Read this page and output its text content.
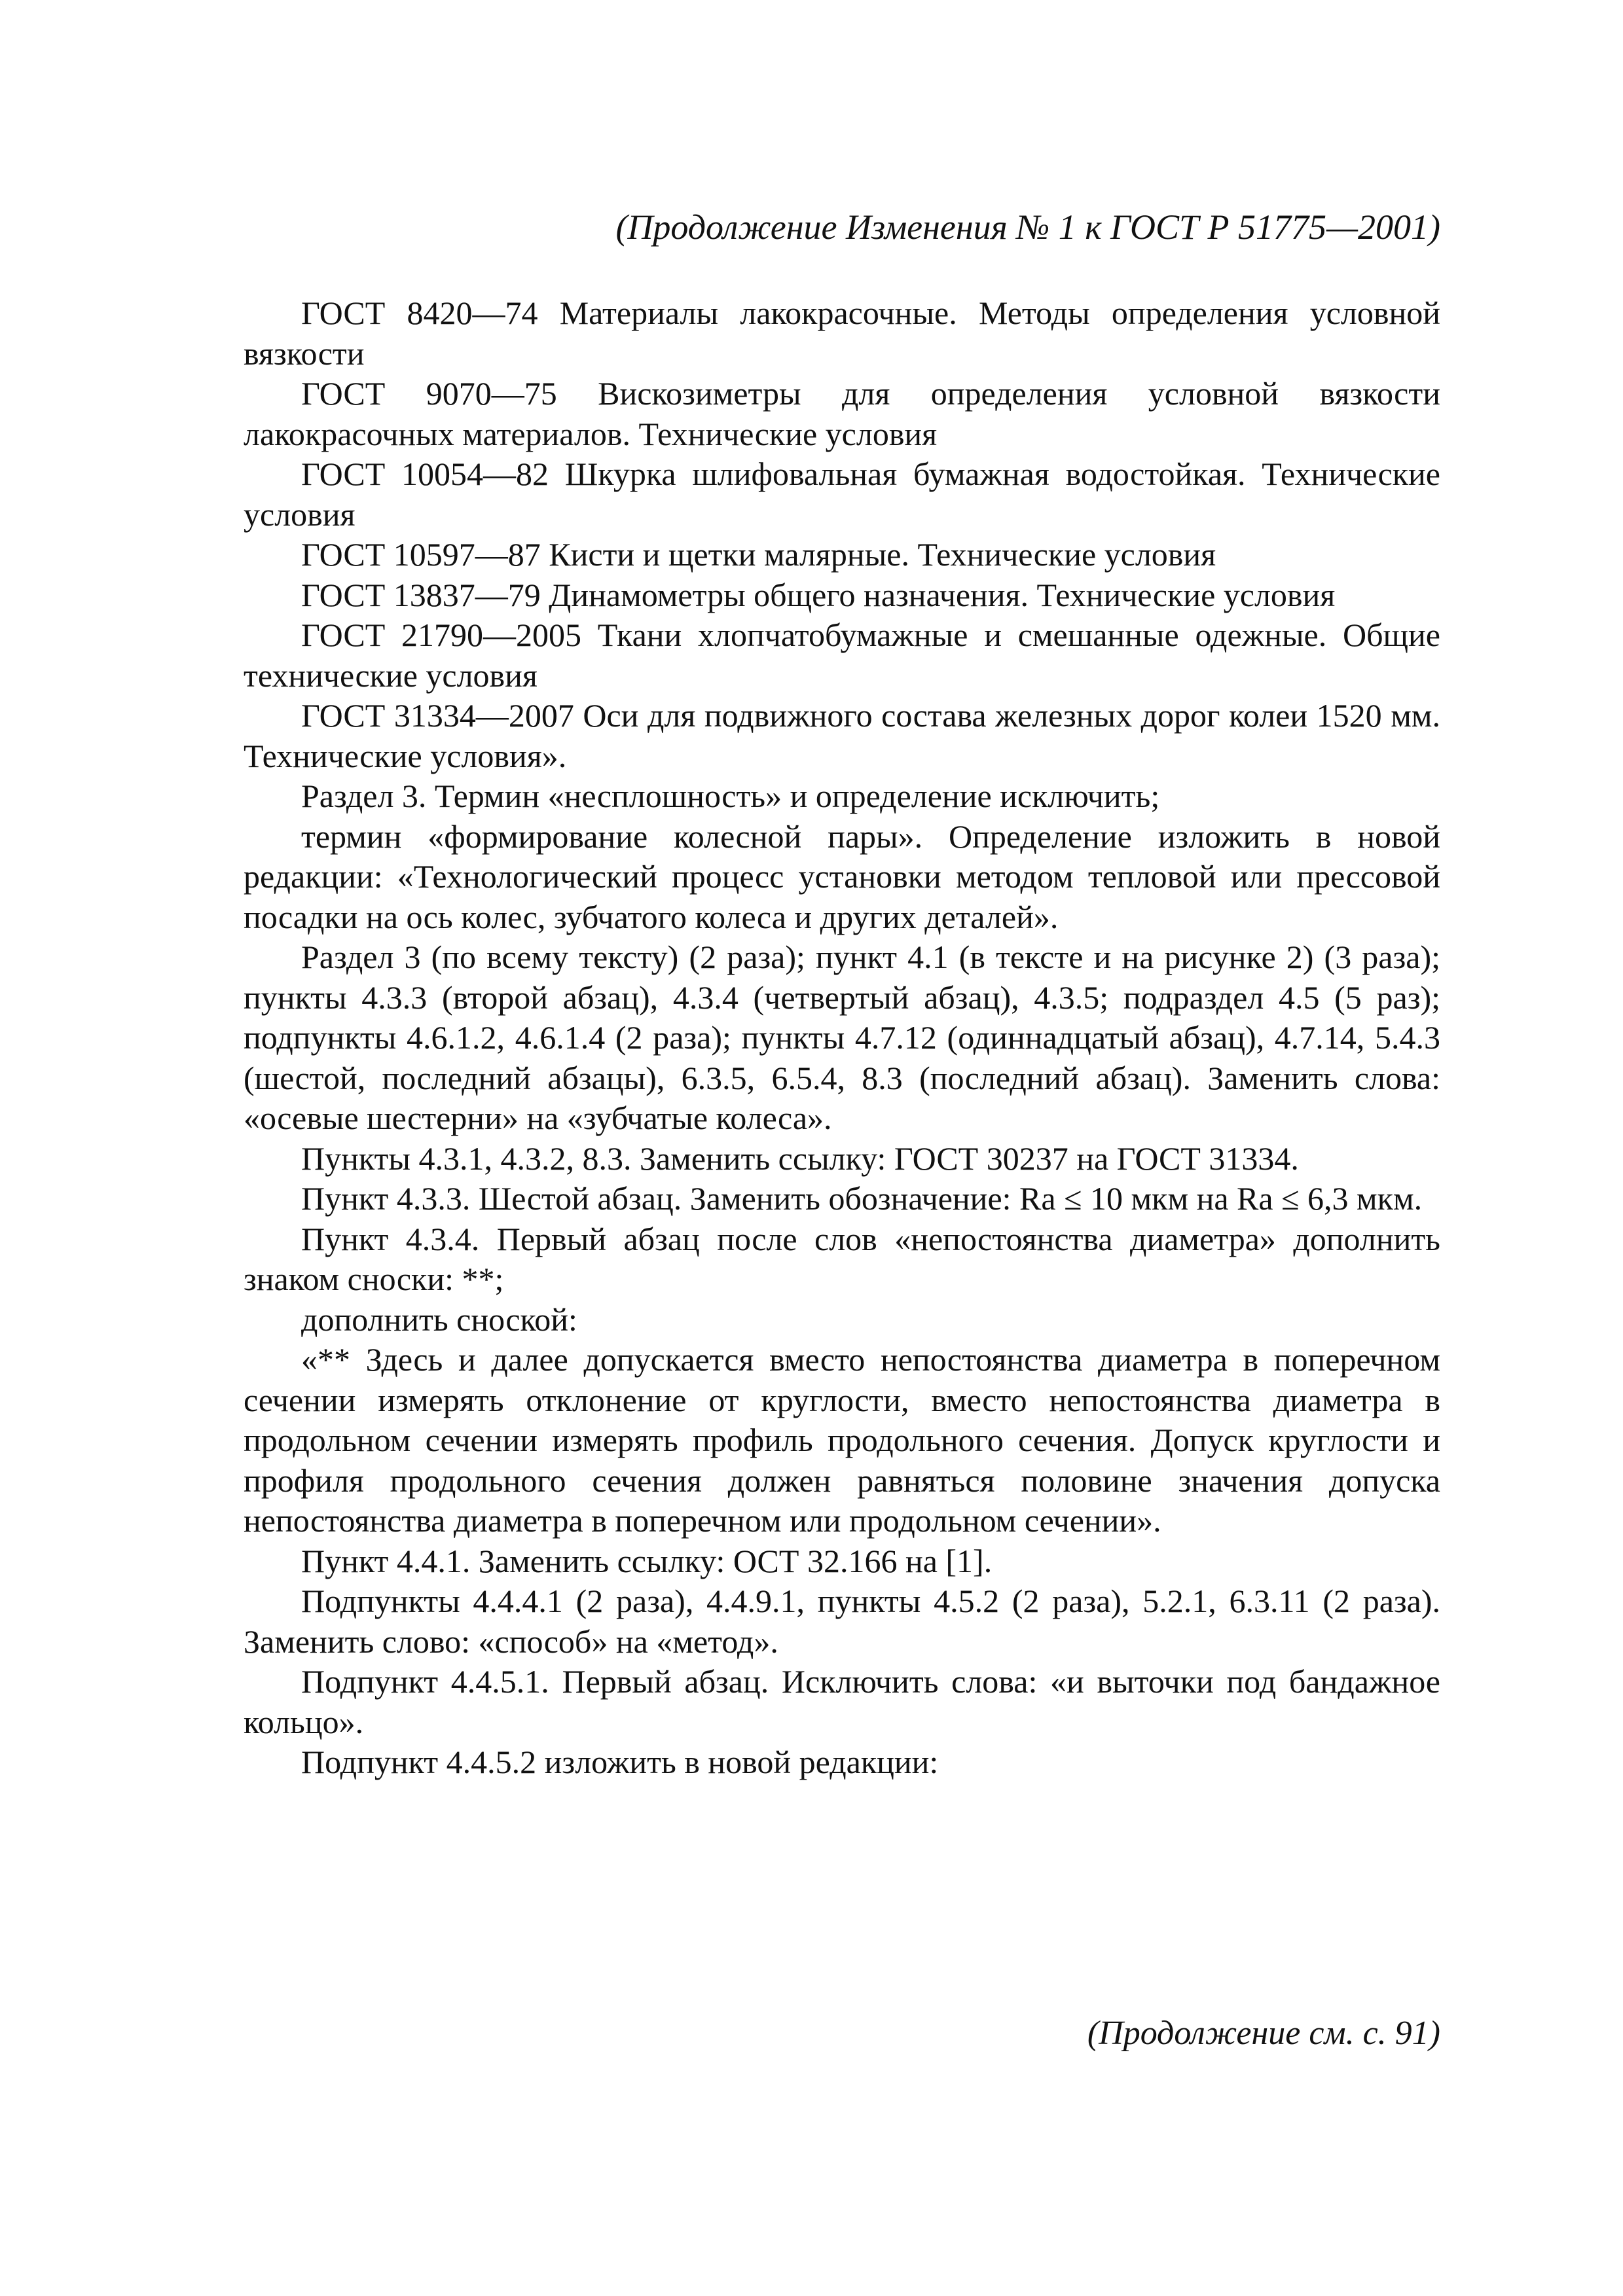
(Продолжение Изменения № 1 к ГОСТ Р 51775—2001)

ГОСТ 8420—74 Материалы лакокрасочные. Методы определения условной вязкости

ГОСТ 9070—75 Вискозиметры для определения условной вязкости лакокрасочных материалов. Технические условия

ГОСТ 10054—82 Шкурка шлифовальная бумажная водостойкая. Технические условия

ГОСТ 10597—87 Кисти и щетки малярные. Технические условия

ГОСТ 13837—79 Динамометры общего назначения. Технические условия

ГОСТ 21790—2005 Ткани хлопчатобумажные и смешанные одежные. Общие технические условия

ГОСТ 31334—2007 Оси для подвижного состава железных дорог колеи 1520 мм. Технические условия».

Раздел 3. Термин «несплошность» и определение исключить;

термин «формирование колесной пары». Определение изложить в новой редакции: «Технологический процесс установки методом тепловой или прессовой посадки на ось колес, зубчатого колеса и других деталей».

Раздел 3 (по всему тексту) (2 раза); пункт 4.1 (в тексте и на рисунке 2) (3 раза); пункты 4.3.3 (второй абзац), 4.3.4 (четвертый абзац), 4.3.5; подраздел 4.5 (5 раз); подпункты 4.6.1.2, 4.6.1.4 (2 раза); пункты 4.7.12 (одиннадцатый абзац), 4.7.14, 5.4.3 (шестой, последний абзацы), 6.3.5, 6.5.4, 8.3 (последний абзац). Заменить слова: «осевые шестерни» на «зубчатые колеса».

Пункты 4.3.1, 4.3.2, 8.3. Заменить ссылку: ГОСТ 30237 на ГОСТ 31334.

Пункт 4.3.3. Шестой абзац. Заменить обозначение: Ra ≤ 10 мкм на Ra ≤ 6,3 мкм.

Пункт 4.3.4. Первый абзац после слов «непостоянства диаметра» дополнить знаком сноски: **;

дополнить сноской:

«** Здесь и далее допускается вместо непостоянства диаметра в поперечном сечении измерять отклонение от круглости, вместо непостоянства диаметра в продольном сечении измерять профиль продольного сечения. Допуск круглости и профиля продольного сечения должен равняться половине значения допуска непостоянства диаметра в поперечном или продольном сечении».

Пункт 4.4.1. Заменить ссылку: ОСТ 32.166 на [1].

Подпункты 4.4.4.1 (2 раза), 4.4.9.1, пункты 4.5.2 (2 раза), 5.2.1, 6.3.11 (2 раза). Заменить слово: «способ» на «метод».

Подпункт 4.4.5.1. Первый абзац. Исключить слова: «и выточки под бандажное кольцо».

Подпункт 4.4.5.2 изложить в новой редакции:

(Продолжение см. с. 91)
